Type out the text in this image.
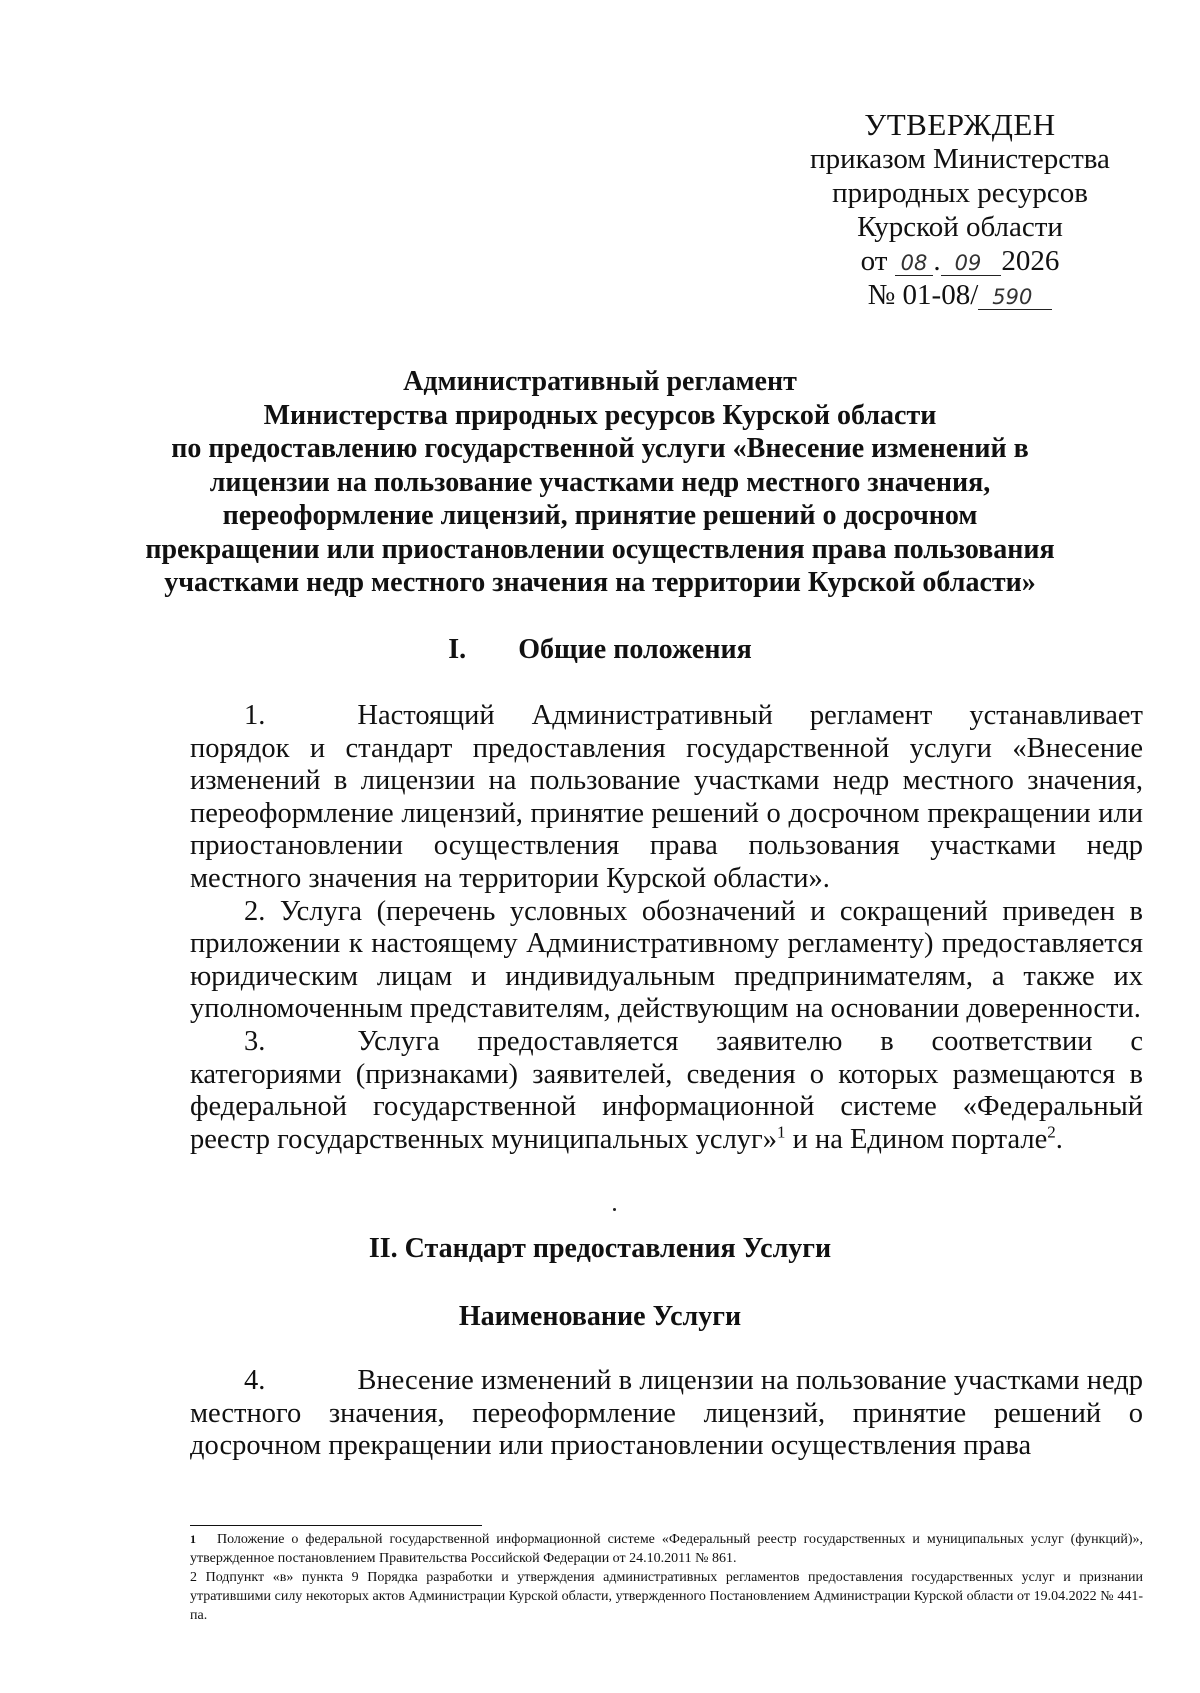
УТВЕРЖДЕН
приказом Министерства
природных ресурсов
Курской области
от 08 . 09 2026
№ 01-08/ 590
Административный регламент
Министерства природных ресурсов Курской области
по предоставлению государственной услуги «Внесение изменений в
лицензии на пользование участками недр местного значения,
переоформление лицензий, принятие решений о досрочном
прекращении или приостановлении осуществления права пользования
участками недр местного значения на территории Курской области»
I. Общие положения

1.	Настоящий Административный регламент устанавливает порядок и стандарт предоставления государственной услуги «Внесение изменений в лицензии на пользование участками недр местного значения, переоформление лицензий, принятие решений о досрочном прекращении или приостановлении осуществления права пользования участками недр местного значения на территории Курской области».

2. Услуга (перечень условных обозначений и сокращений приведен в приложении к настоящему Административному регламенту) предоставляется юридическим лицам и индивидуальным предпринимателям, а также их уполномоченным представителям, действующим на основании доверенности.

3.	Услуга предоставляется заявителю в соответствии с категориями (признаками) заявителей, сведения о которых размещаются в федеральной государственной информационной системе «Федеральный реестр государственных муниципальных услуг»$^1$ и на Едином портале$^2$.

II. Стандарт предоставления Услуги
Наименование Услуги

4.	Внесение изменений в лицензии на пользование участками недр местного значения, переоформление лицензий, принятие решений о досрочном прекращении или приостановлении осуществления права

1 Положение о федеральной государственной информационной системе «Федеральный реестр государственных и муниципальных услуг (функций)», утвержденное постановлением Правительства Российской Федерации от 24.10.2011 № 861.

2 Подпункт «в» пункта 9 Порядка разработки и утверждения административных регламентов предоставления государственных услуг и признании утратившими силу некоторых актов Администрации Курской области, утвержденного Постановлением Администрации Курской области от 19.04.2022 № 441-па.
